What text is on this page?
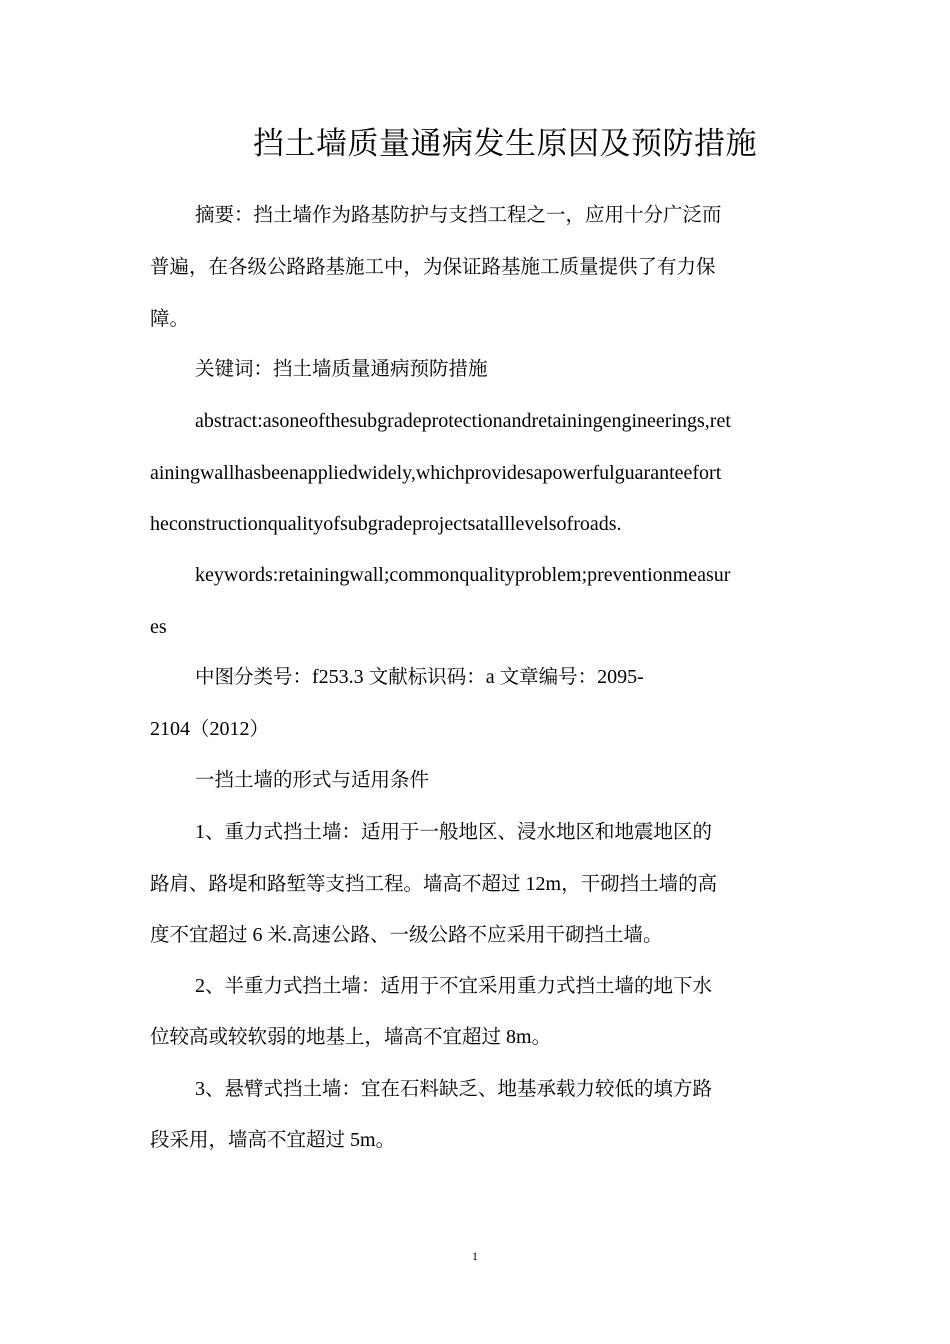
挡土墙质量通病发生原因及预防措施
摘要：挡土墙作为路基防护与支挡工程之一，应用十分广泛而
普遍，在各级公路路基施工中，为保证路基施工质量提供了有力保
障。
关键词：挡土墙质量通病预防措施
abstract:asoneofthesubgradeprotectionandretainingengineerings,ret
ainingwallhasbeenappliedwidely,whichprovidesapowerfulguaranteefort
heconstructionqualityofsubgradeprojectsatalllevelsofroads.
keywords:retainingwall;commonqualityproblem;preventionmeasur
es
中图分类号：f253.3 文献标识码：a 文章编号：2095-
2104（2012）
一挡土墙的形式与适用条件
1、重力式挡土墙：适用于一般地区、浸水地区和地震地区的
路肩、路堤和路堑等支挡工程。墙高不超过 12m，干砌挡土墙的高
度不宜超过 6 米.高速公路、一级公路不应采用干砌挡土墙。
2、半重力式挡土墙：适用于不宜采用重力式挡土墙的地下水
位较高或较软弱的地基上，墙高不宜超过 8m。
3、悬臂式挡土墙：宜在石料缺乏、地基承载力较低的填方路
段采用，墙高不宜超过 5m。
1
